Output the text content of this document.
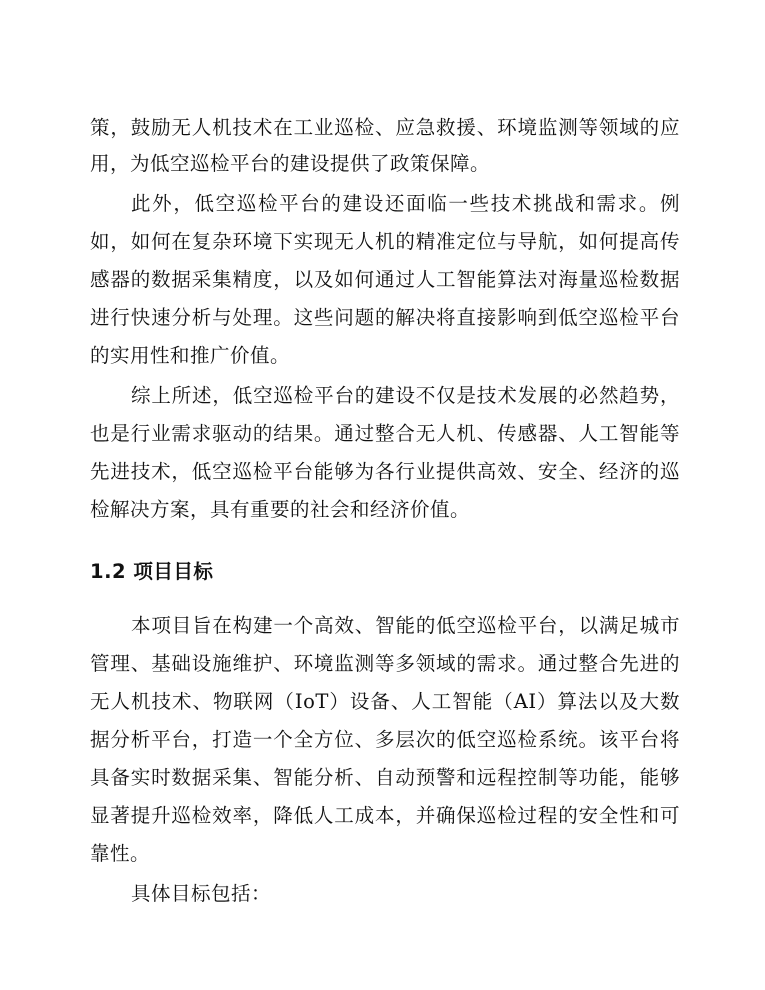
策，鼓励无人机技术在工业巡检、应急救援、环境监测等领域的应
用，为低空巡检平台的建设提供了政策保障。
此外，低空巡检平台的建设还面临一些技术挑战和需求。例
如，如何在复杂环境下实现无人机的精准定位与导航，如何提高传
感器的数据采集精度，以及如何通过人工智能算法对海量巡检数据
进行快速分析与处理。这些问题的解决将直接影响到低空巡检平台
的实用性和推广价值。
综上所述，低空巡检平台的建设不仅是技术发展的必然趋势，
也是行业需求驱动的结果。通过整合无人机、传感器、人工智能等
先进技术，低空巡检平台能够为各行业提供高效、安全、经济的巡
检解决方案，具有重要的社会和经济价值。
1.2 项目目标
本项目旨在构建一个高效、智能的低空巡检平台，以满足城市
管理、基础设施维护、环境监测等多领域的需求。通过整合先进的
无人机技术、物联网（IoT）设备、人工智能（AI）算法以及大数
据分析平台，打造一个全方位、多层次的低空巡检系统。该平台将
具备实时数据采集、智能分析、自动预警和远程控制等功能，能够
显著提升巡检效率，降低人工成本，并确保巡检过程的安全性和可
靠性。
具体目标包括：
